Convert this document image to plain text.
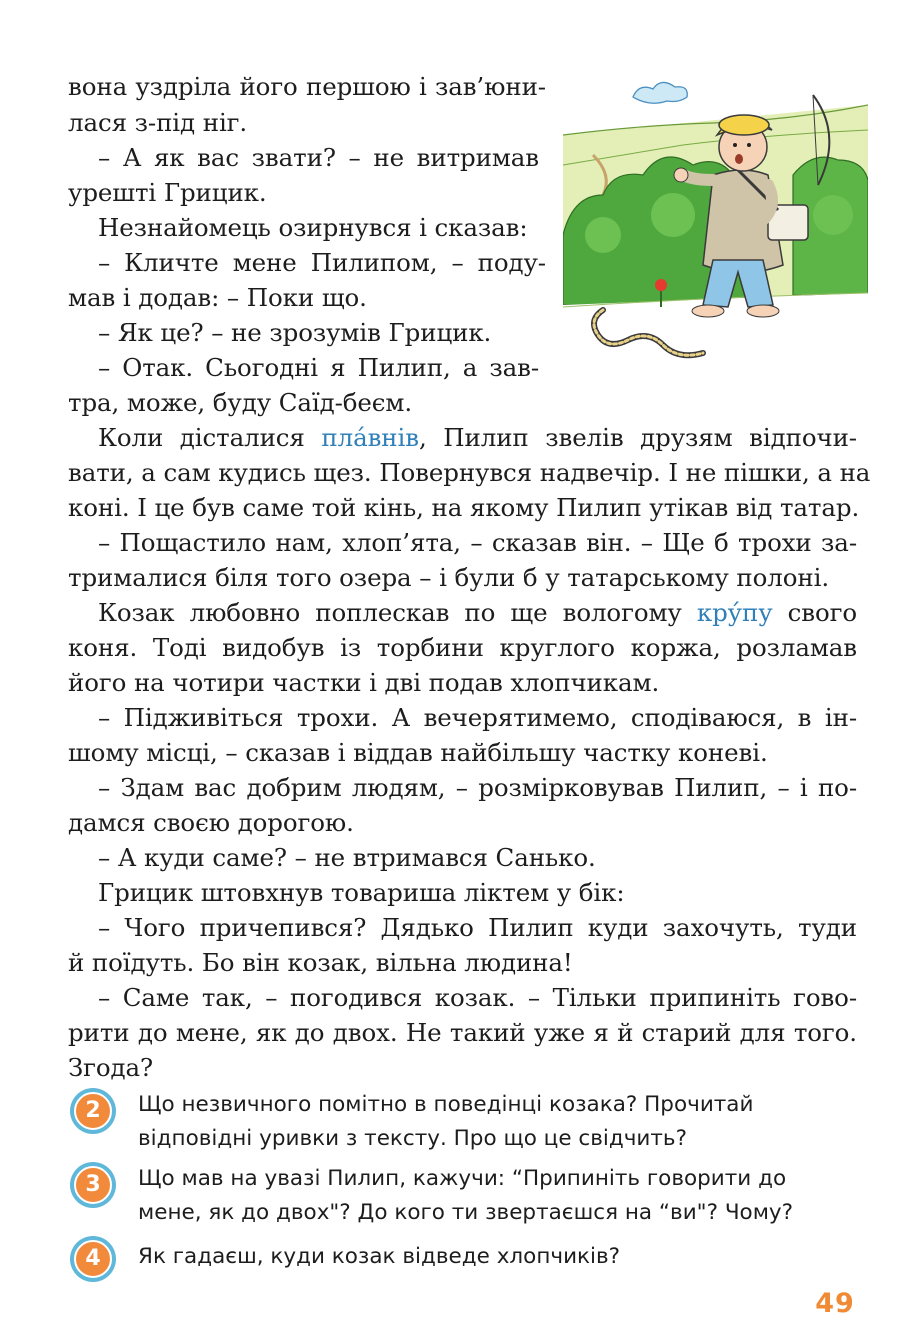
вона уздріла його першою і зав’юни-
лася з-під ніг.
– А як вас звати? – не витримав
урешті Грицик.
Незнайомець озирнувся і сказав:
– Кличте мене Пилипом, – поду-
мав і додав: – Поки що.
– Як це? – не зрозумів Грицик.
– Отак. Сьогодні я Пилип, а зав-
тра, може, буду Саїд-беєм.
Коли дісталися пла́внів, Пилип звелів друзям відпочи-
вати, а сам кудись щез. Повернувся надвечір. І не пішки, а на
коні. І це був саме той кінь, на якому Пилип утікав від татар.
– Пощастило нам, хлоп’ята, – сказав він. – Ще б трохи за-
трималися біля того озера – і були б у татарському полоні.
Козак любовно поплескав по ще вологому кру́пу свого
коня. Тоді видобув із торбини круглого коржа, розламав
його на чотири частки і дві подав хлопчикам.
– Підживіться трохи. А вечерятимемо, сподіваюся, в ін-
шому місці, – сказав і віддав найбільшу частку коневі.
– Здам вас добрим людям, – розмірковував Пилип, – і по-
дамся своєю дорогою.
– А куди саме? – не втримався Санько.
Грицик штовхнув товариша ліктем у бік:
– Чого причепився? Дядько Пилип куди захочуть, туди
й поїдуть. Бо він козак, вільна людина!
– Саме так, – погодився козак. – Тільки припиніть гово-
рити до мене, як до двох. Не такий уже я й старий для того.
Згода?
2	Що незвичного помітно в поведінці козака? Прочитай
відповідні уривки з тексту. Про що це свідчить?
3	Що мав на увазі Пилип, кажучи: “Припиніть говорити до
мене, як до двох"? До кого ти звертаєшся на “ви"? Чому?
4	Як гадаєш, куди козак відведе хлопчиків?
49
